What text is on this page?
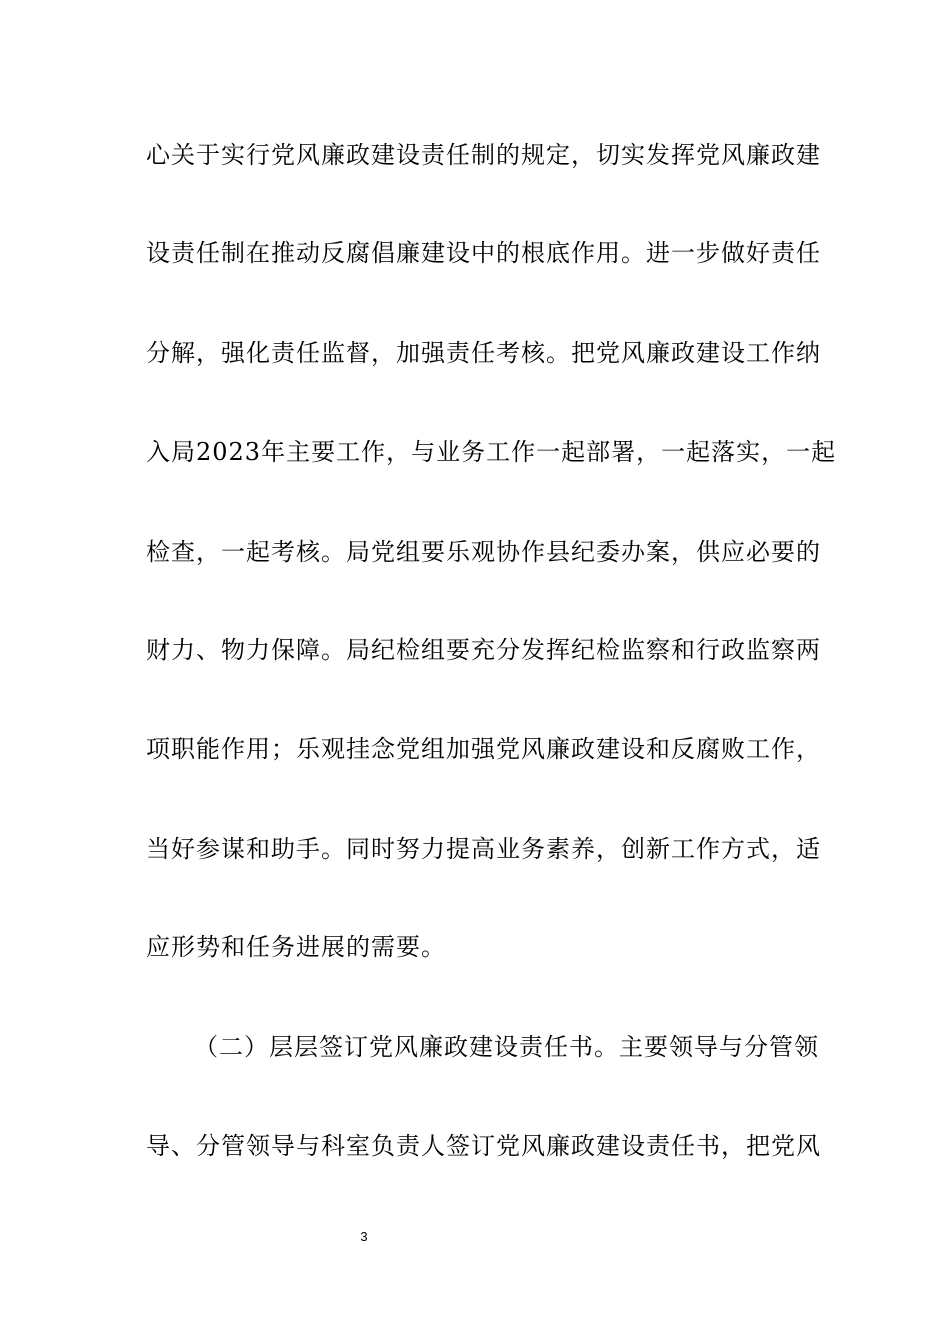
心关于实行党风廉政建设责任制的规定，切实发挥党风廉政建
设责任制在推动反腐倡廉建设中的根底作用。进一步做好责任
分解，强化责任监督，加强责任考核。把党风廉政建设工作纳
入局2023年主要工作，与业务工作一起部署，一起落实，一起
检查，一起考核。局党组要乐观协作县纪委办案，供应必要的
财力、物力保障。局纪检组要充分发挥纪检监察和行政监察两
项职能作用；乐观挂念党组加强党风廉政建设和反腐败工作，
当好参谋和助手。同时努力提高业务素养，创新工作方式，适
应形势和任务进展的需要。
（二）层层签订党风廉政建设责任书。主要领导与分管领
导、分管领导与科室负责人签订党风廉政建设责任书，把党风
3
